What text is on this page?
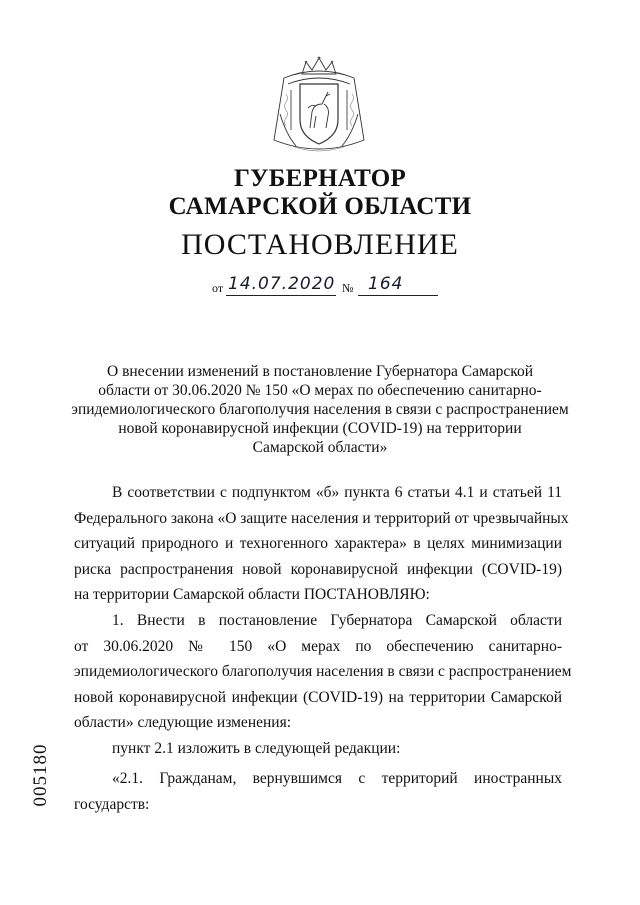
ГУБЕРНАТОР
САМАРСКОЙ ОБЛАСТИ
ПОСТАНОВЛЕНИЕ
от 14.07.2020 № 164
О внесении изменений в постановление Губернатора Самарской
области от 30.06.2020 № 150 «О мерах по обеспечению санитарно-
эпидемиологического благополучия населения в связи с распространением
новой коронавирусной инфекции (COVID-19) на территории
Самарской области»
В соответствии с подпунктом «б» пункта 6 статьи 4.1 и статьей 11
Федерального закона «О защите населения и территорий от чрезвычайных
ситуаций природного и техногенного характера» в целях минимизации
риска распространения новой коронавирусной инфекции (COVID-19)
на территории Самарской области ПОСТАНОВЛЯЮ:
1. Внести в постановление Губернатора Самарской области
от 30.06.2020 № 150 «О мерах по обеспечению санитарно-
эпидемиологического благополучия населения в связи с распространением
новой коронавирусной инфекции (COVID-19) на территории Самарской
области» следующие изменения:
пункт 2.1 изложить в следующей редакции:
«2.1. Гражданам, вернувшимся с территорий иностранных
государств:
005180
